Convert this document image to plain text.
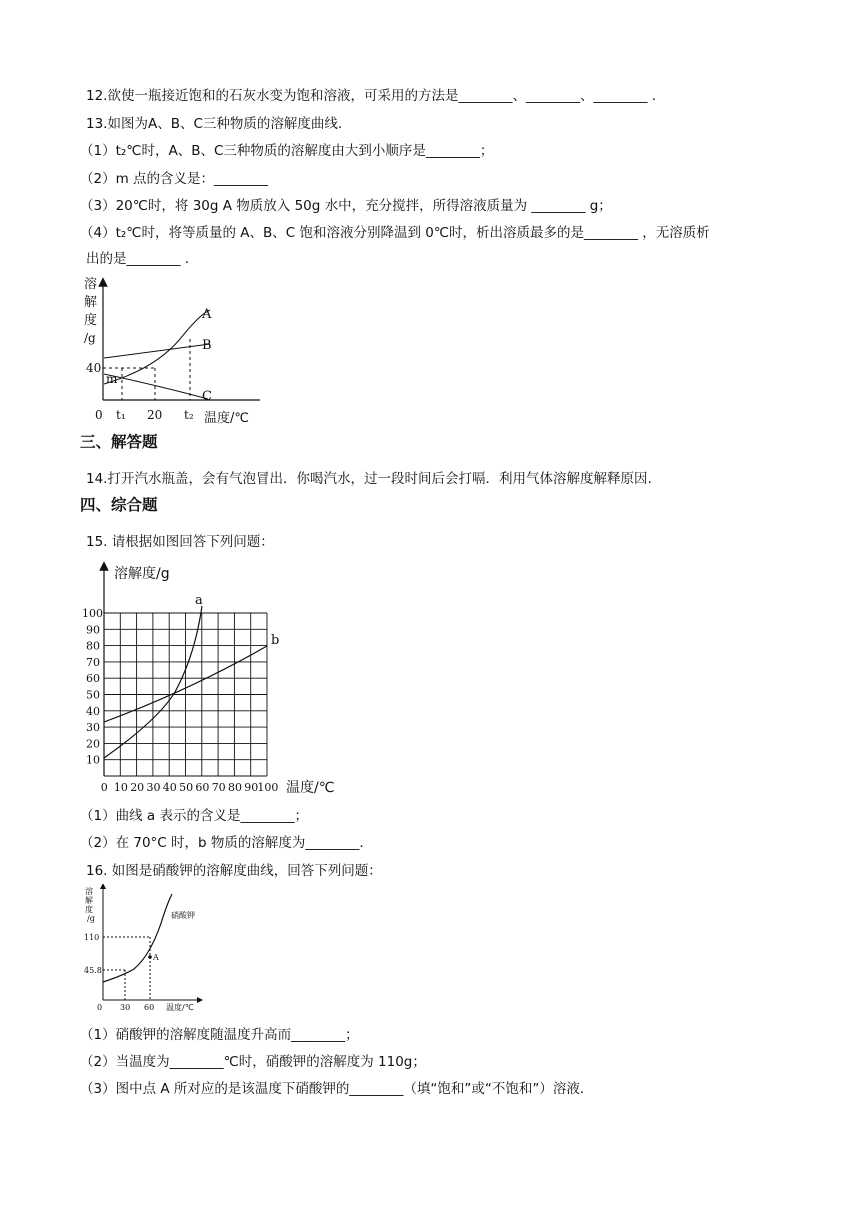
12.欲使一瓶接近饱和的石灰水变为饱和溶液，可采用的方法是________、________、________ .
13.如图为A、B、C三种物质的溶解度曲线.
（1）t₂℃时，A、B、C三种物质的溶解度由大到小顺序是________；
（2）m 点的含义是：________
（3）20℃时，将 30g A 物质放入 50g 水中，充分搅拌，所得溶液质量为 ________ g；
（4）t₂℃时，将等质量的 A、B、C 饱和溶液分别降温到 0℃时，析出溶质最多的是________ ，无溶质析
出的是________ .
溶
解
度
/g
40
m
0 t₁ 20 t₂ 温度/℃
A
B
C
三、解答题
14.打开汽水瓶盖，会有气泡冒出．你喝汽水，过一段时间后会打嗝．利用气体溶解度解释原因.
四、综合题
15. 请根据如图回答下列问题：
溶解度/g
温度/℃
a
b
10
20
30
40
50
60
70
80
90
100
0 10 20 30 40 50 60 70 80 90 100
（1）曲线 a 表示的含义是________；
（2）在 70°C 时，b 物质的溶解度为________.
16. 如图是硝酸钾的溶解度曲线，回答下列问题：
溶
解
度
/g	硝酸钾
110
45.8
A
0 30 60 温度/℃
（1）硝酸钾的溶解度随温度升高而________；
（2）当温度为________℃时，硝酸钾的溶解度为 110g；
（3）图中点 A 所对应的是该温度下硝酸钾的________（填“饱和”或“不饱和”）溶液.
